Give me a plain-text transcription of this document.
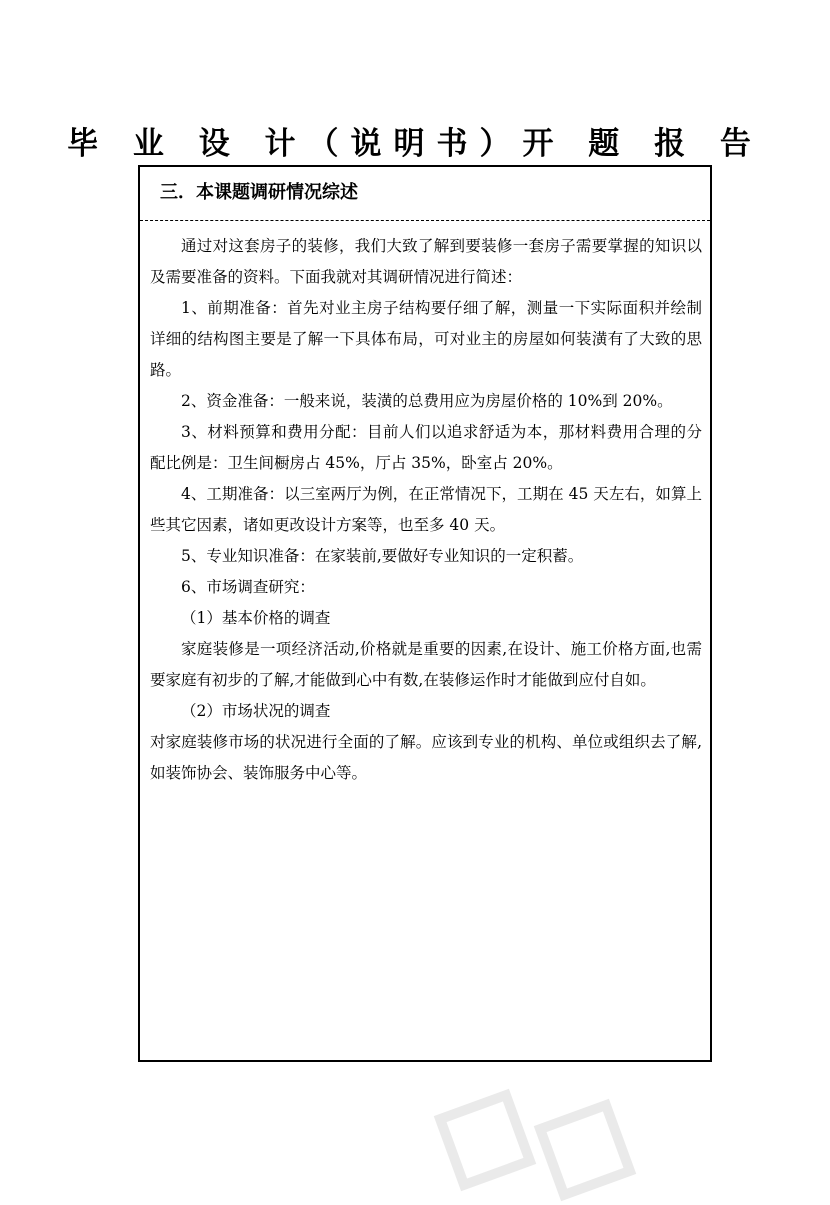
毕 业 设 计（说明书）开 题 报 告
三．本课题调研情况综述

通过对这套房子的装修，我们大致了解到要装修一套房子需要掌握的知识以及需要准备的资料。下面我就对其调研情况进行简述：

1、前期准备：首先对业主房子结构要仔细了解，测量一下实际面积并绘制详细的结构图主要是了解一下具体布局，可对业主的房屋如何装潢有了大致的思路。

2、资金准备：一般来说，装潢的总费用应为房屋价格的 10%到 20%。

3、材料预算和费用分配：目前人们以追求舒适为本，那材料费用合理的分配比例是：卫生间橱房占 45%，厅占 35%，卧室占 20%。

4、工期准备：以三室两厅为例，在正常情况下，工期在 45 天左右，如算上些其它因素，诸如更改设计方案等，也至多 40 天。

5、专业知识准备：在家装前,要做好专业知识的一定积蓄。

6、市场调查研究：

（1）基本价格的调查

家庭装修是一项经济活动,价格就是重要的因素,在设计、施工价格方面,也需要家庭有初步的了解,才能做到心中有数,在装修运作时才能做到应付自如。

（2）市场状况的调查

对家庭装修市场的状况进行全面的了解。应该到专业的机构、单位或组织去了解,如装饰协会、装饰服务中心等。
